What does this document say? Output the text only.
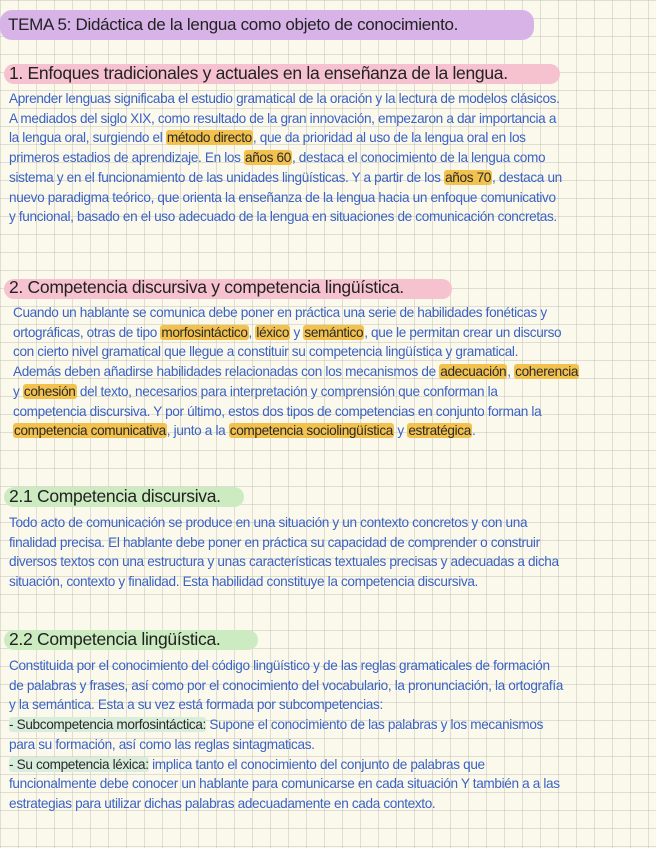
TEMA 5: Didáctica de la lengua como objeto de conocimiento.
1. Enfoques tradicionales y actuales en la enseñanza de la lengua.
Aprender lenguas significaba el estudio gramatical de la oración y la lectura de modelos clásicos.
A mediados del siglo XIX, como resultado de la gran innovación, empezaron a dar importancia a
la lengua oral, surgiendo el método directo, que da prioridad al uso de la lengua oral en los
primeros estadios de aprendizaje. En los años 60, destaca el conocimiento de la lengua como
sistema y en el funcionamiento de las unidades lingüísticas. Y a partir de los años 70, destaca un
nuevo paradigma teórico, que orienta la enseñanza de la lengua hacia un enfoque comunicativo
y funcional, basado en el uso adecuado de la lengua en situaciones de comunicación concretas.
2. Competencia discursiva y competencia lingüística.
Cuando un hablante se comunica debe poner en práctica una serie de habilidades fonéticas y
ortográficas, otras de tipo morfosintáctico, léxico y semántico, que le permitan crear un discurso
con cierto nivel gramatical que llegue a constituir su competencia lingüística y gramatical.
Además deben añadirse habilidades relacionadas con los mecanismos de adecuación, coherencia
y cohesión del texto, necesarios para interpretación y comprensión que conforman la
competencia discursiva. Y por último, estos dos tipos de competencias en conjunto forman la
competencia comunicativa, junto a la competencia sociolingüística y estratégica.
2.1 Competencia discursiva.
Todo acto de comunicación se produce en una situación y un contexto concretos y con una
finalidad precisa. El hablante debe poner en práctica su capacidad de comprender o construir
diversos textos con una estructura y unas características textuales precisas y adecuadas a dicha
situación, contexto y finalidad. Esta habilidad constituye la competencia discursiva.
2.2 Competencia lingüística.
Constituida por el conocimiento del código lingüístico y de las reglas gramaticales de formación
de palabras y frases, así como por el conocimiento del vocabulario, la pronunciación, la ortografía
y la semántica. Esta a su vez está formada por subcompetencias:
- Subcompetencia morfosintáctica: Supone el conocimiento de las palabras y los mecanismos
para su formación, así como las reglas sintagmaticas.
- Su competencia léxica: implica tanto el conocimiento del conjunto de palabras que
funcionalmente debe conocer un hablante para comunicarse en cada situación Y también a a las
estrategias para utilizar dichas palabras adecuadamente en cada contexto.
